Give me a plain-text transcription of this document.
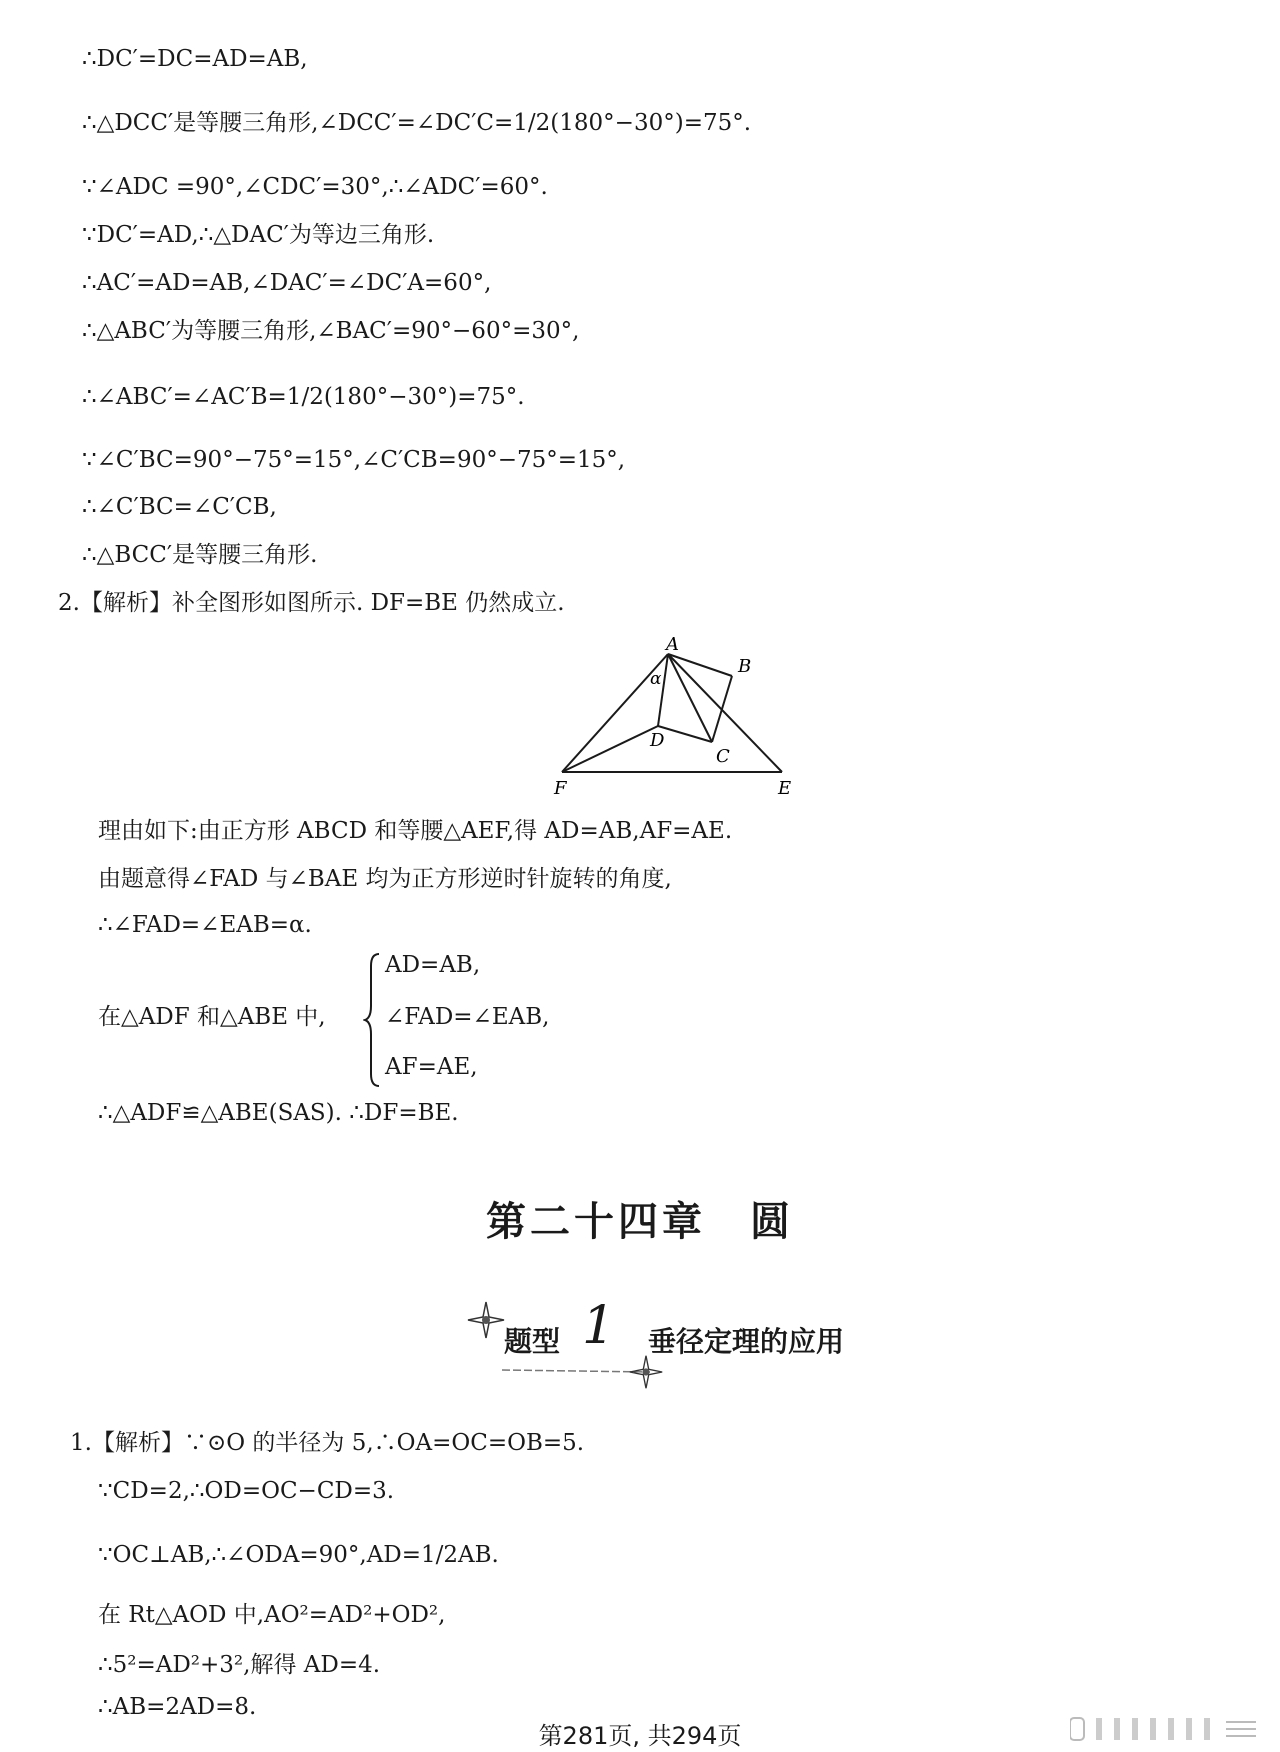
∴DC′=DC=AD=AB,
∴△DCC′是等腰三角形,∠DCC′=∠DC′C=1/2(180°−30°)=75°.
∵∠ADC =90°,∠CDC′=30°,∴∠ADC′=60°.
∵DC′=AD,∴△DAC′为等边三角形.
∴AC′=AD=AB,∠DAC′=∠DC′A=60°,
∴△ABC′为等腰三角形,∠BAC′=90°−60°=30°,
∴∠ABC′=∠AC′B=1/2(180°−30°)=75°.
∵∠C′BC=90°−75°=15°,∠C′CB=90°−75°=15°,
∴∠C′BC=∠C′CB,
∴△BCC′是等腰三角形.
2.【解析】补全图形如图所示. DF=BE 仍然成立.
A
B
α
D
C
F	E
理由如下:由正方形 ABCD 和等腰△AEF,得 AD=AB,AF=AE.
由题意得∠FAD 与∠BAE 均为正方形逆时针旋转的角度,
∴∠FAD=∠EAB=α.
在△ADF 和△ABE 中,
AD=AB,
∠FAD=∠EAB,
AF=AE,
∴△ADF≌△ABE(SAS). ∴DF=BE.
第二十四章　圆
题型 1 垂径定理的应用
1.【解析】∵⊙O 的半径为 5,∴OA=OC=OB=5.
∵CD=2,∴OD=OC−CD=3.
∵OC⊥AB,∴∠ODA=90°,AD=1/2AB.
在 Rt△AOD 中,AO²=AD²+OD²,
∴5²=AD²+3²,解得 AD=4.
∴AB=2AD=8.
第281页, 共294页
